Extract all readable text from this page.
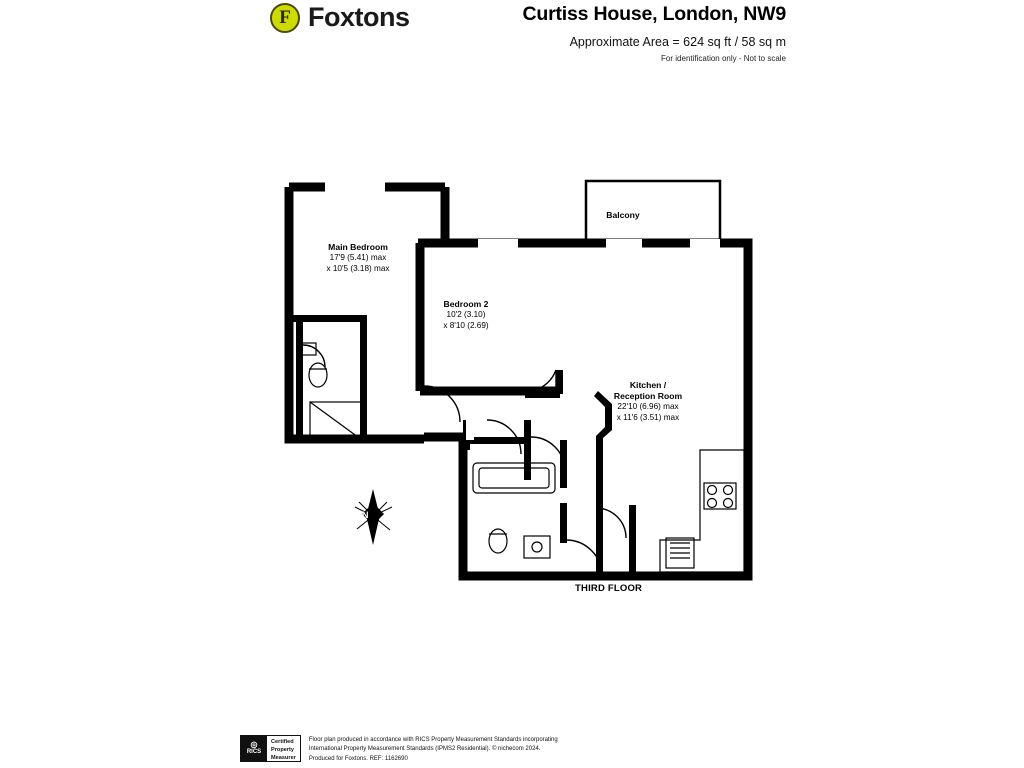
F Foxtons	Curtiss House, London, NW9
Approximate Area = 624 sq ft / 58 sq m
For identification only - Not to scale
Main Bedroom
17'9 (5.41) max
x 10'5 (3.18) max
Balcony
Bedroom 2
10'2 (3.10)
x 8'10 (2.69)
Kitchen /
Reception Room
22'10 (6.96) max
x 11'6 (3.51) max
THIRD FLOOR
N
◎
RICS
Certified
Property
Measurer
Floor plan produced in accordance with RICS Property Measurement Standards incorporating
International Property Measurement Standards (IPMS2 Residential). © nichecom 2024.
Produced for Foxtons. REF: 1162690
